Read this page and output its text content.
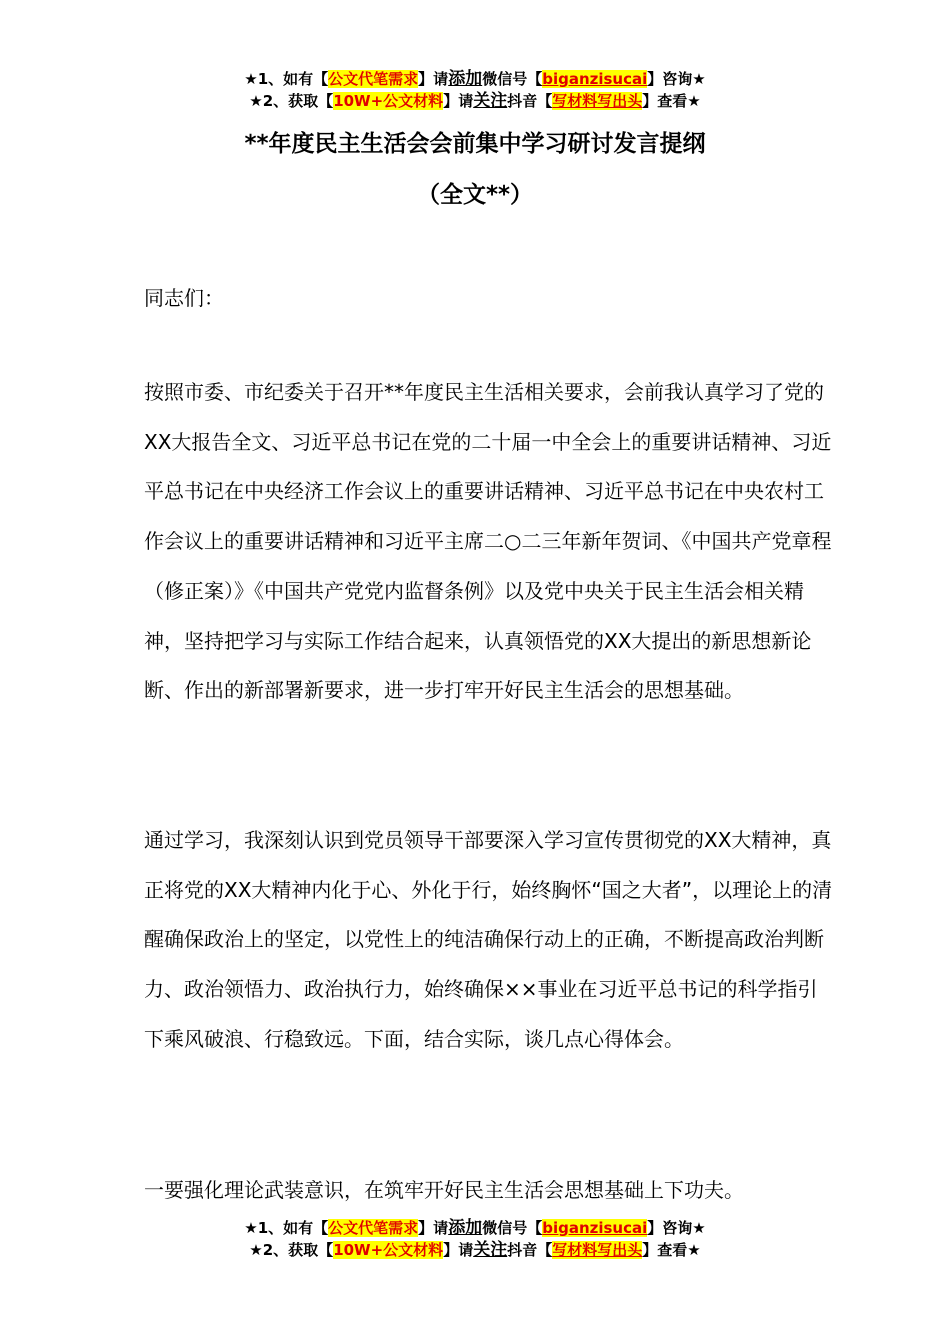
★1、如有【公文代笔需求】请添加微信号【biganzisucai】咨询★
★2、获取【10W+公文材料】请关注抖音【写材料写出头】查看★
**年度民主生活会会前集中学习研讨发言提纲
（全文**）

同志们：

按照市委、市纪委关于召开**年度民主生活相关要求，会前我认真学习了党的XX大报告全文、习近平总书记在党的二十届一中全会上的重要讲话精神、习近平总书记在中央经济工作会议上的重要讲话精神、习近平总书记在中央农村工作会议上的重要讲话精神和习近平主席二○二三年新年贺词、《中国共产党章程（修正案）》《中国共产党党内监督条例》以及党中央关于民主生活会相关精神，坚持把学习与实际工作结合起来，认真领悟党的XX大提出的新思想新论断、作出的新部署新要求，进一步打牢开好民主生活会的思想基础。

通过学习，我深刻认识到党员领导干部要深入学习宣传贯彻党的XX大精神，真正将党的XX大精神内化于心、外化于行，始终胸怀“国之大者”，以理论上的清醒确保政治上的坚定，以党性上的纯洁确保行动上的正确，不断提高政治判断力、政治领悟力、政治执行力，始终确保××事业在习近平总书记的科学指引下乘风破浪、行稳致远。下面，结合实际，谈几点心得体会。

一要强化理论武装意识，在筑牢开好民主生活会思想基础上下功夫。

★1、如有【公文代笔需求】请添加微信号【biganzisucai】咨询★
★2、获取【10W+公文材料】请关注抖音【写材料写出头】查看★
